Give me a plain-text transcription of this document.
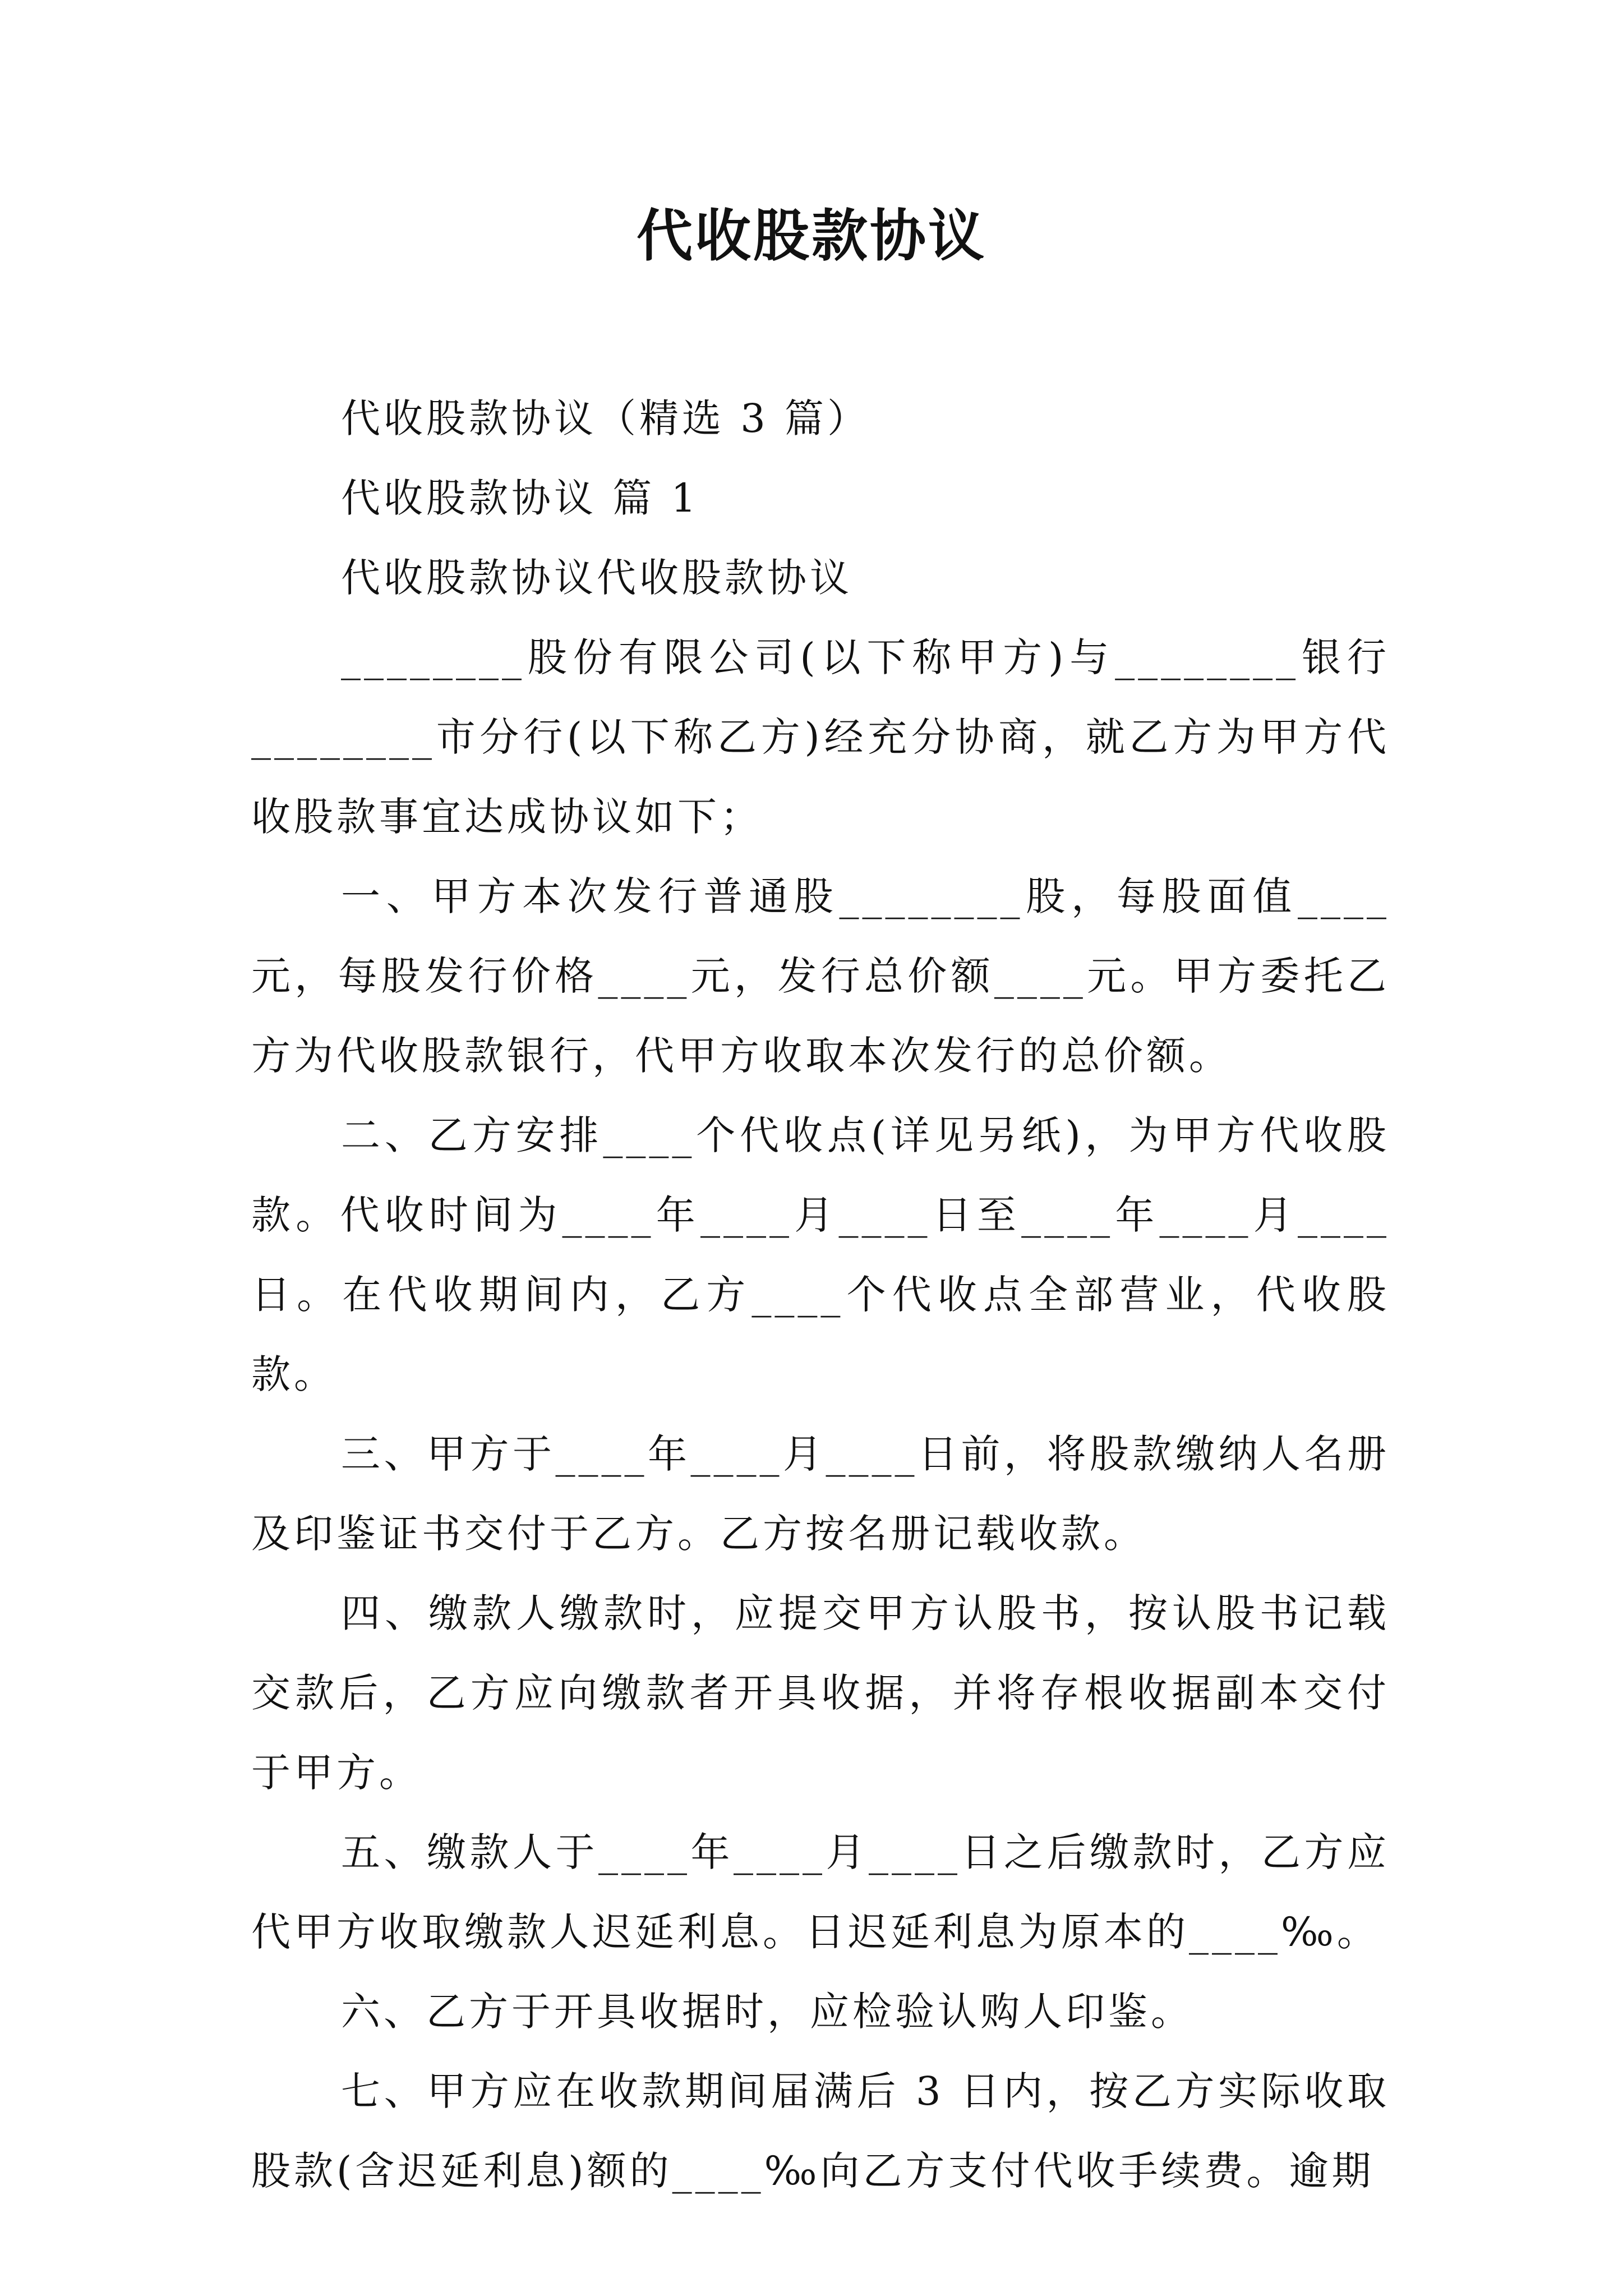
代收股款协议

代收股款协议（精选 3 篇）

代收股款协议 篇 1

代收股款协议代收股款协议

________股份有限公司(以下称甲方)与________银行________市分行(以下称乙方)经充分协商，就乙方为甲方代收股款事宜达成协议如下；

一、甲方本次发行普通股________股，每股面值____元，每股发行价格____元，发行总价额____元。甲方委托乙方为代收股款银行，代甲方收取本次发行的总价额。

二、乙方安排____个代收点(详见另纸)，为甲方代收股款。代收时间为____年____月____日至____年____月____日。在代收期间内，乙方____个代收点全部营业，代收股款。

三、甲方于____年____月____日前，将股款缴纳人名册及印鉴证书交付于乙方。乙方按名册记载收款。

四、缴款人缴款时，应提交甲方认股书，按认股书记载交款后，乙方应向缴款者开具收据，并将存根收据副本交付于甲方。

五、缴款人于____年____月____日之后缴款时，乙方应代甲方收取缴款人迟延利息。日迟延利息为原本的____‰。

六、乙方于开具收据时，应检验认购人印鉴。

七、甲方应在收款期间届满后 3 日内，按乙方实际收取股款(含迟延利息)额的____‰向乙方支付代收手续费。逾期
